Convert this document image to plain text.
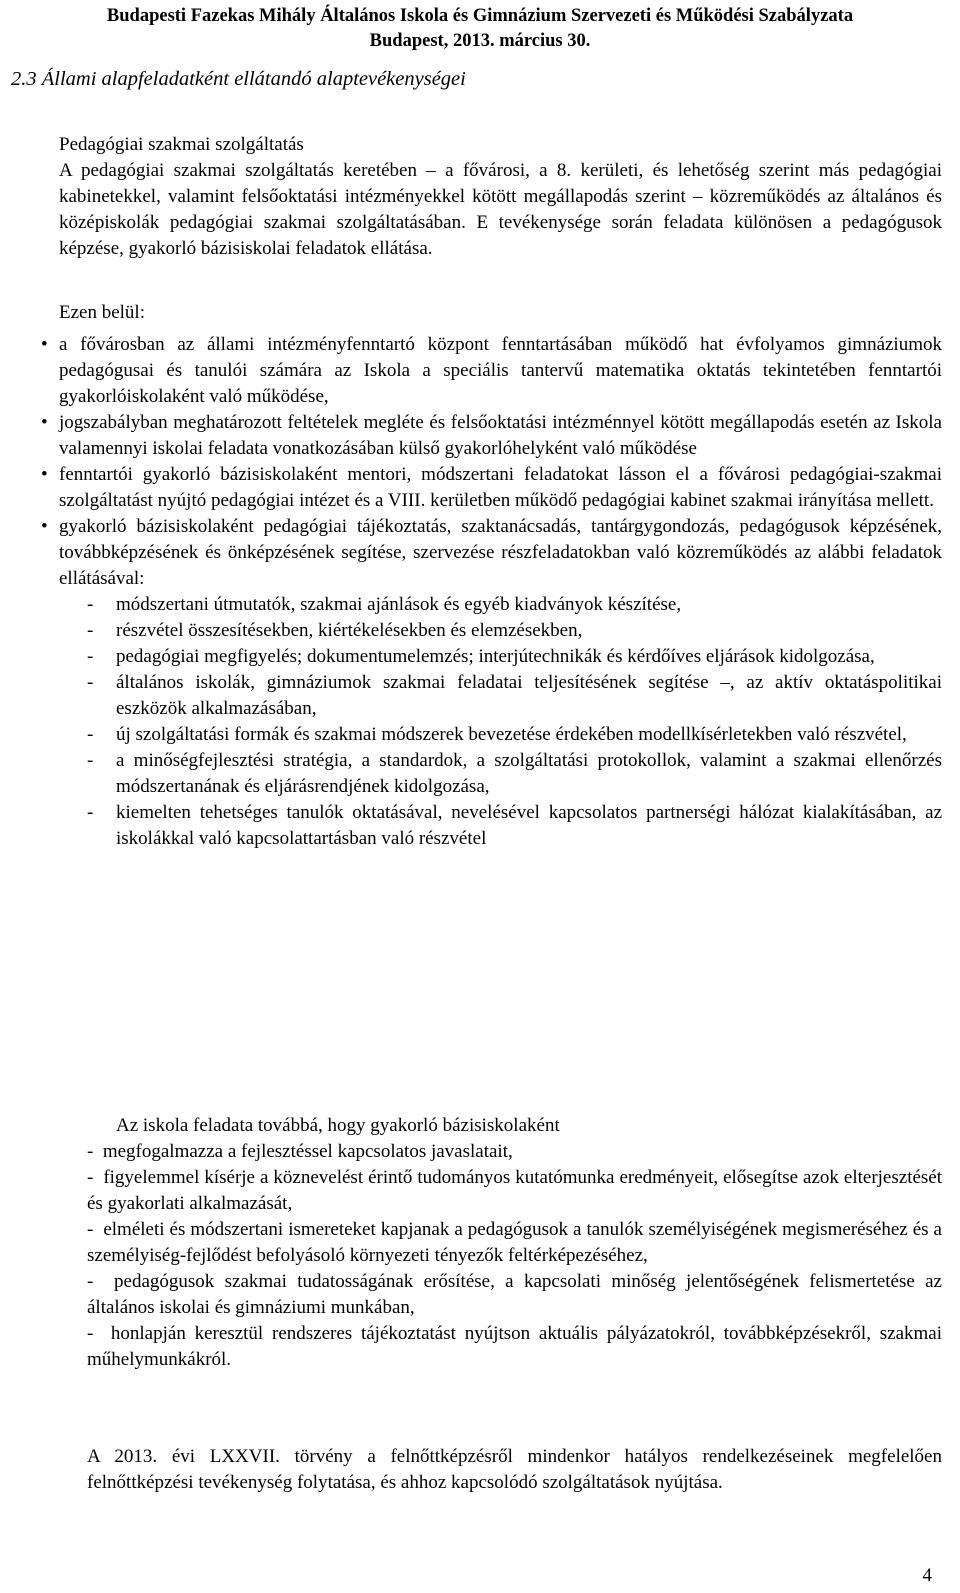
Budapesti Fazekas Mihály Általános Iskola és Gimnázium Szervezeti és Működési Szabályzata
Budapest, 2013. március 30.
2.3 Állami alapfeladatként ellátandó alaptevékenységei
Pedagógiai szakmai szolgáltatás
A pedagógiai szakmai szolgáltatás keretében – a fővárosi, a 8. kerületi, és lehetőség szerint más pedagógiai kabinetekkel, valamint felsőoktatási intézményekkel kötött megállapodás szerint – közreműködés az általános és középiskolák pedagógiai szakmai szolgáltatásában. E tevékenysége során feladata különösen a pedagógusok képzése, gyakorló bázisiskolai feladatok ellátása.
Ezen belül:
• a fővárosban az állami intézményfenntartó központ fenntartásában működő hat évfolyamos gimnáziumok pedagógusai és tanulói számára az Iskola a speciális tantervű matematika oktatás tekintetében fenntartói gyakorlóiskolaként való működése,
• jogszabályban meghatározott feltételek megléte és felsőoktatási intézménnyel kötött megállapodás esetén az Iskola valamennyi iskolai feladata vonatkozásában külső gyakorlóhelyként való működése
• fenntartói gyakorló bázisiskolaként mentori, módszertani feladatokat lásson el a fővárosi pedagógiai-szakmai szolgáltatást nyújtó pedagógiai intézet és a VIII. kerületben működő pedagógiai kabinet szakmai irányítása mellett.
• gyakorló bázisiskolaként pedagógiai tájékoztatás, szaktanácsadás, tantárgygondozás, pedagógusok képzésének, továbbképzésének és önképzésének segítése, szervezése részfeladatokban való közreműködés az alábbi feladatok ellátásával:
- módszertani útmutatók, szakmai ajánlások és egyéb kiadványok készítése,
- részvétel összesítésekben, kiértékelésekben és elemzésekben,
- pedagógiai megfigyelés; dokumentumelemzés; interjútechnikák és kérdőíves eljárások kidolgozása,
- általános iskolák, gimnáziumok szakmai feladatai teljesítésének segítése –, az aktív oktatáspolitikai eszközök alkalmazásában,
- új szolgáltatási formák és szakmai módszerek bevezetése érdekében modellkísérletekben való részvétel,
- a minőségfejlesztési stratégia, a standardok, a szolgáltatási protokollok, valamint a szakmai ellenőrzés módszertanának és eljárásrendjének kidolgozása,
- kiemelten tehetséges tanulók oktatásával, nevelésével kapcsolatos partnerségi hálózat kialakításában, az iskolákkal való kapcsolattartásban való részvétel
Az iskola feladata továbbá, hogy gyakorló bázisiskolaként
- megfogalmazza a fejlesztéssel kapcsolatos javaslatait,
- figyelemmel kísérje a köznevelést érintő tudományos kutatómunka eredményeit, elősegítse azok elterjesztését és gyakorlati alkalmazását,
- elméleti és módszertani ismereteket kapjanak a pedagógusok a tanulók személyiségének megismeréséhez és a személyiség-fejlődést befolyásoló környezeti tényezők feltérképezéséhez,
- pedagógusok szakmai tudatosságának erősítése, a kapcsolati minőség jelentőségének felismertetése az általános iskolai és gimnáziumi munkában,
- honlapján keresztül rendszeres tájékoztatást nyújtson aktuális pályázatokról, továbbképzésekről, szakmai műhelymunkákról.
A 2013. évi LXXVII. törvény a felnőttképzésről mindenkor hatályos rendelkezéseinek megfelelően felnőttképzési tevékenység folytatása, és ahhoz kapcsolódó szolgáltatások nyújtása.
4
